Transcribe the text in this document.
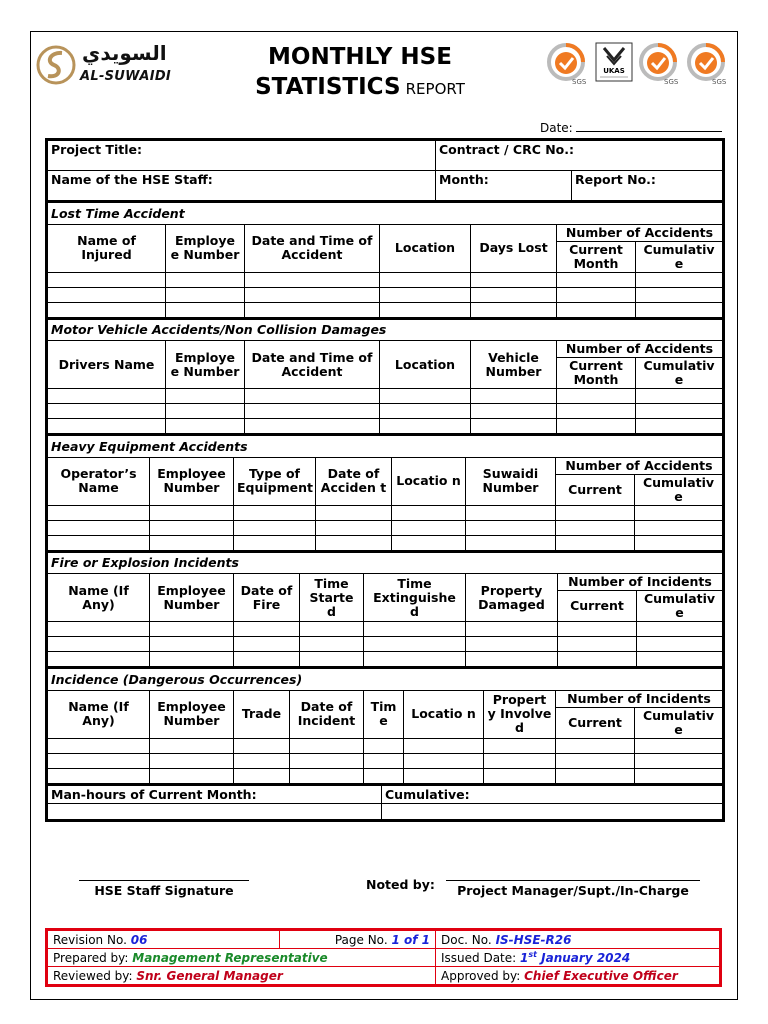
السويدي
AL-SUWAIDI
MONTHLY HSE
STATISTICS REPORT	SGS
UKAS
SGS	SGS
Date:
Project Title:	Contract / CRC No.:	
Name of the HSE Staff:	Month:	Report No.:
Lost Time Accident						
Name of Injured	Employe e Number	Date and Time of Accident	Location	Days Lost	Number of Accidents	
					Current Month	Cumulativ e

Motor Vehicle Accidents/Non Collision Damages						
Drivers Name	Employe e Number	Date and Time of Accident	Location	Vehicle Number	Number of Accidents	
					Current Month	Cumulativ e

Heavy Equipment Accidents							
Operator’s Name	Employee Number	Type of Equipment	Date of Acciden t	Locatio n	Suwaidi Number	Number of Accidents	
						Current	Cumulativ e

Fire or Explosion Incidents							
Name (If Any)	Employee Number	Date of Fire	Time Starte d	Time Extinguishe d	Property Damaged	Number of Incidents	
						Current	Cumulativ e

Incidence (Dangerous Occurrences)								
Name (If Any)	Employee Number	Trade	Date of Incident	Tim e	Locatio n	Propert y Involve d	Number of Incidents	
							Current	Cumulativ e

Man-hours of Current Month:	Cumulative:

HSE Staff Signature	Noted by:	Project Manager/Supt./In-Charge
Revision No. 06	Page No. 1 of 1	Doc. No. IS-HSE-R26
Prepared by: Management Representative		Issued Date: 1st January 2024
Reviewed by: Snr. General Manager		Approved by: Chief Executive Officer
